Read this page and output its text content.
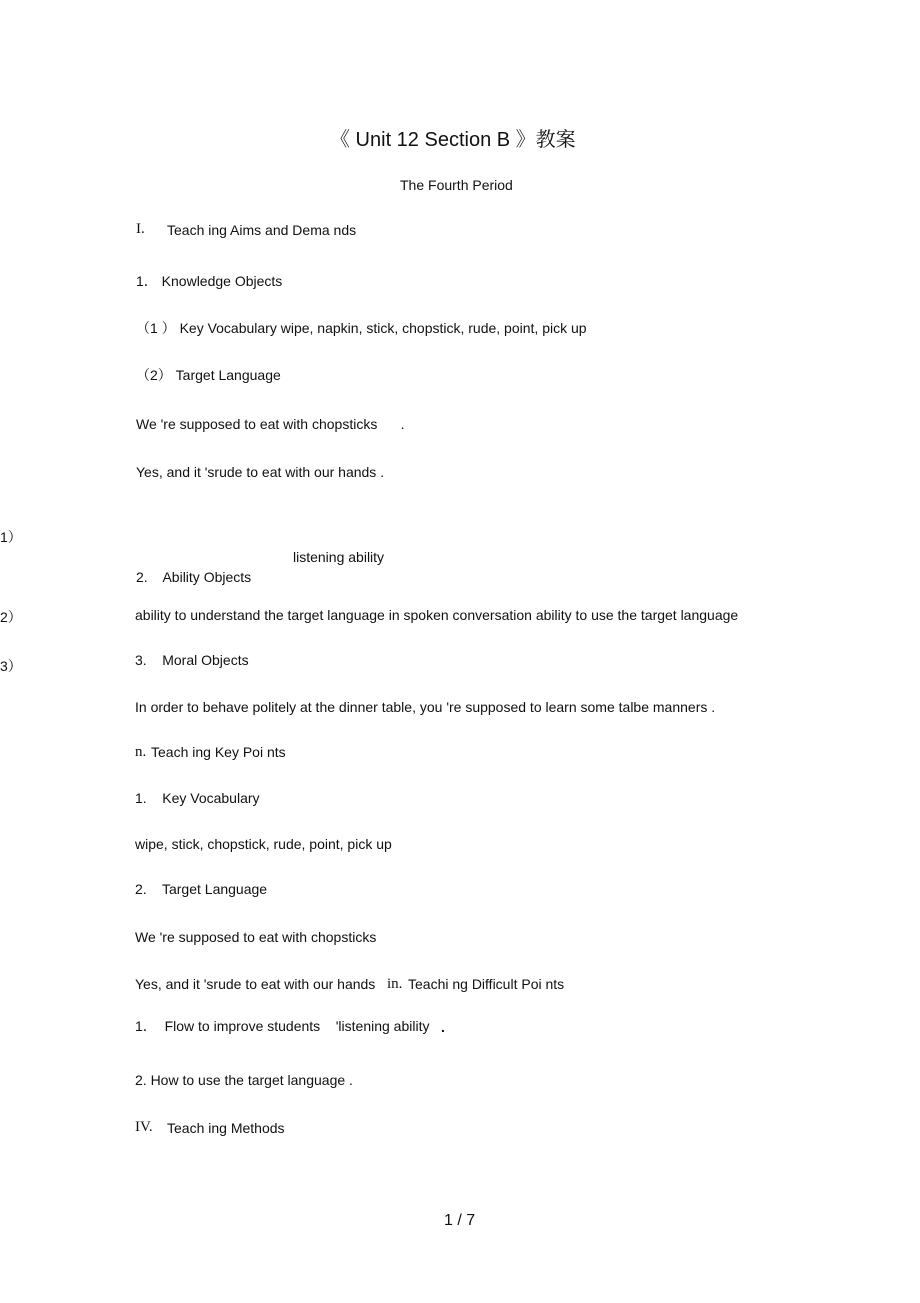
《 Unit 12 Section B 》教案
The Fourth Period
I. Teach ing Aims and Dema nds
1． Knowledge Objects
（1 ） Key Vocabulary wipe, napkin, stick, chopstick, rude, point, pick up
（2） Target Language
We 're supposed to eat with chopsticks      .
Yes, and it 'srude to eat with our hands .
1）
2）
3）
listening ability
2.    Ability Objects
ability to understand the target language in spoken conversation ability to use the target language
3.    Moral Objects
In order to behave politely at the dinner table, you 're supposed to learn some talbe manners .
n. Teach ing Key Poi nts
1.    Key Vocabulary
wipe, stick, chopstick, rude, point, pick up
2.    Target Language
We 're supposed to eat with chopsticks
Yes, and it 'srude to eat with our hands in. Teachi ng Difficult Poi nts
1．  Flow to improve students    'listening ability .
2. How to use the target language .
IV. Teach ing Methods
1 / 7
